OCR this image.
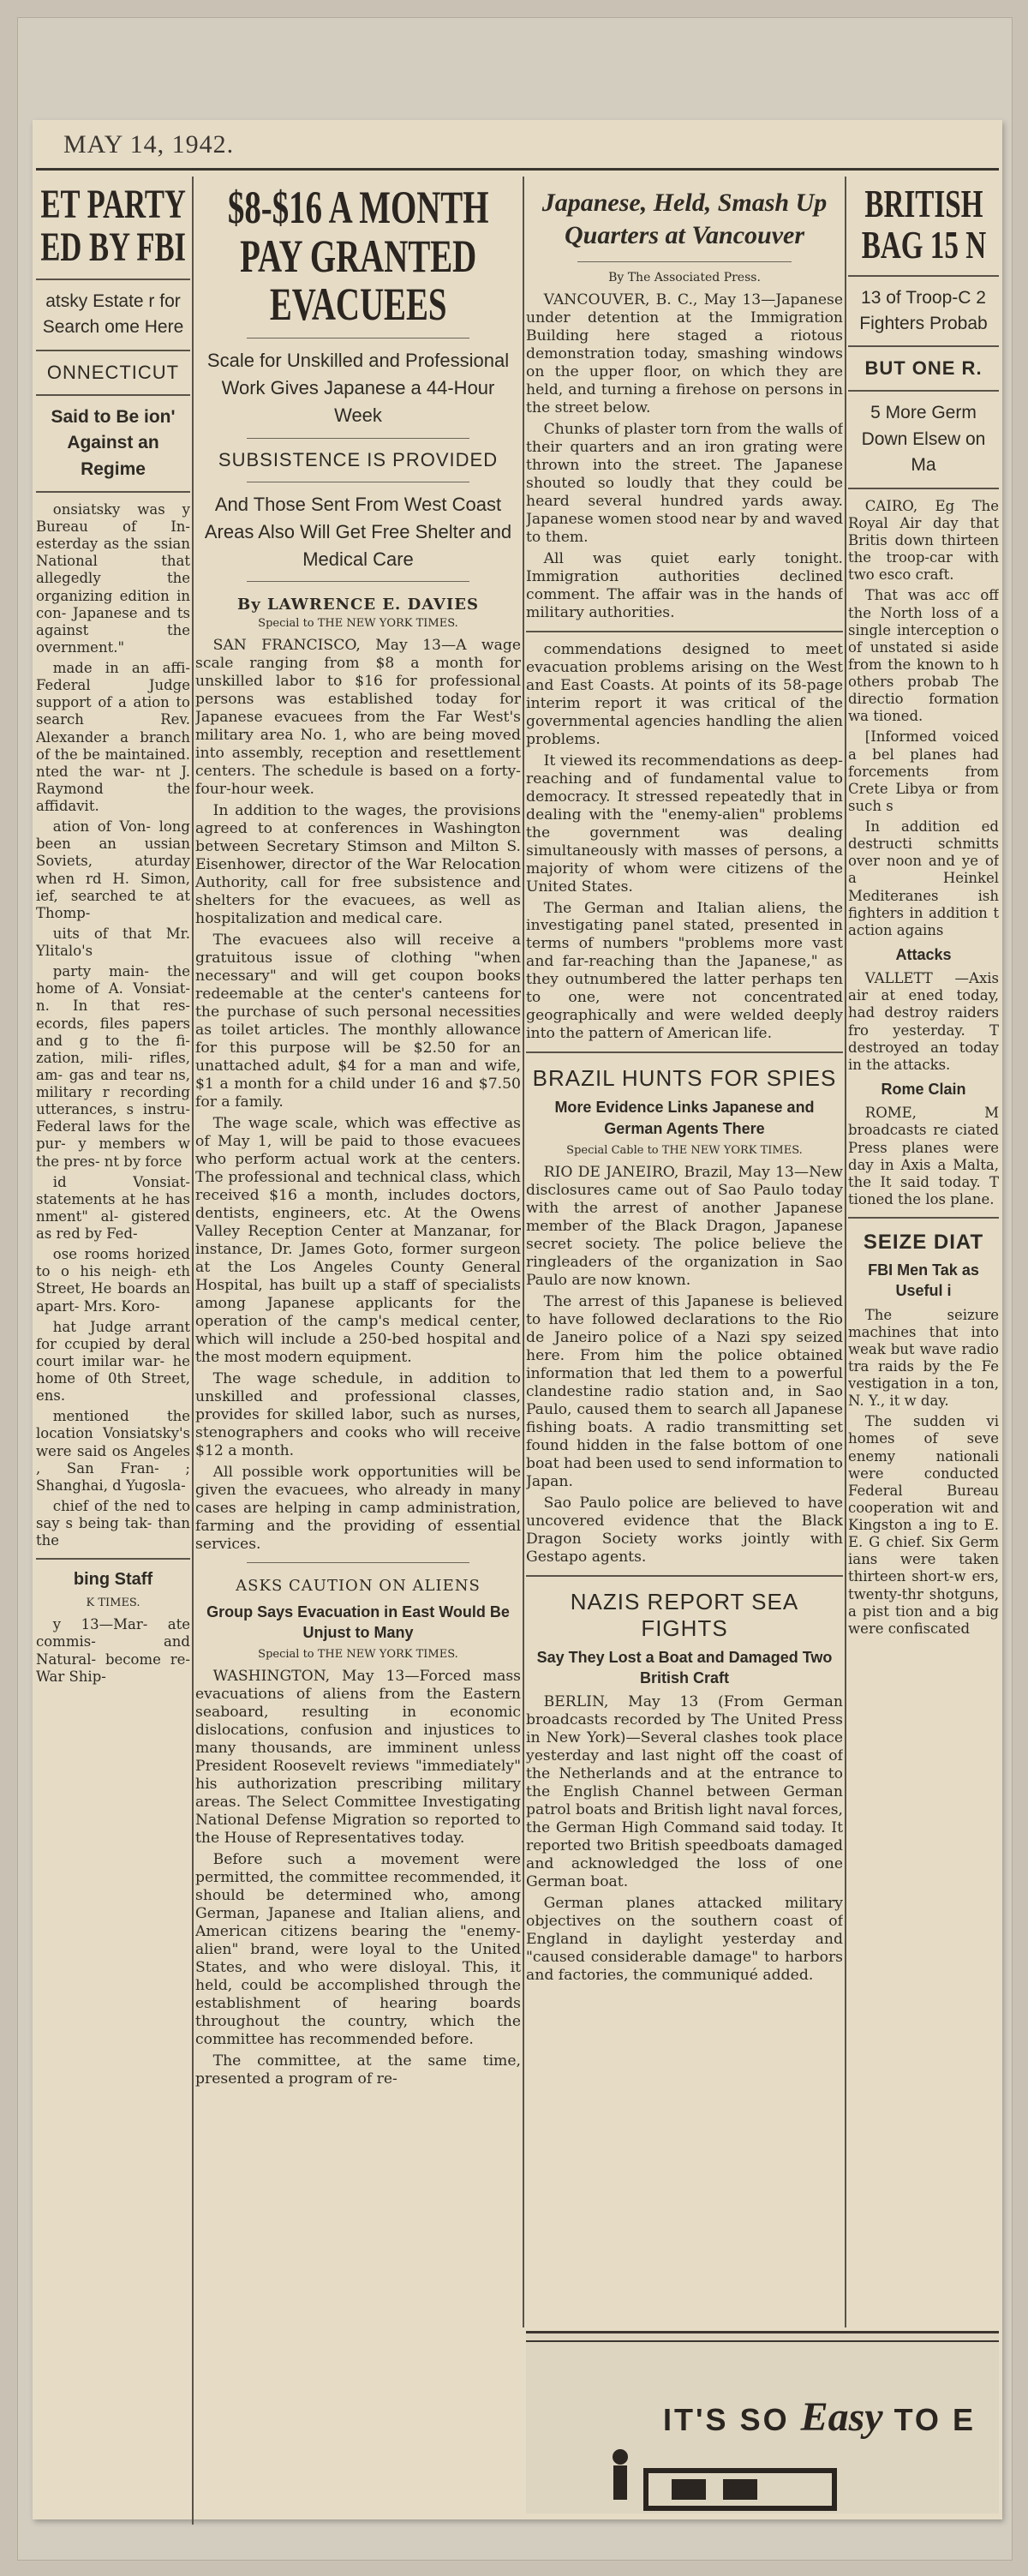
MAY 14, 1942.
ET PARTY ED BY FBI
atsky Estate r for Search ome Here
ONNECTICUT
Said to Be ion' Against an Regime

onsiatsky was y Bureau of In- esterday as the ssian National that allegedly the organizing edition in con- Japanese and ts against the overnment."

made in an affi- Federal Judge support of a ation to search Rev. Alexander a branch of the be maintained. nted the war- nt J. Raymond the affidavit.

ation of Von- long been an ussian Soviets, aturday when rd H. Simon, ief, searched te at Thomp-

uits of that Mr. Ylitalo's

party main- the home of A. Vonsiat- n. In that res- ecords, files papers and g to the fi- zation, mili- rifles, am- gas and tear ns, military r recording utterances, s instru- Federal laws for the pur- y members w the pres- nt by force

id Vonsiat- statements at he has nment" al- gistered as red by Fed-

ose rooms horized to o his neigh- eth Street, He boards an apart- Mrs. Koro-

hat Judge arrant for ccupied by deral court imilar war- he home of 0th Street, ens.

mentioned the location Vonsiatsky's were said os Angeles , San Fran- ; Shanghai, d Yugosla-

chief of the ned to say s being tak- than the

bing Staff
K TIMES.

y 13—Mar- ate commis- and Natural- become re- War Ship-

$8-$16 A MONTH PAY GRANTED EVACUEES
Scale for Unskilled and Professional Work Gives Japanese a 44-Hour Week
SUBSISTENCE IS PROVIDED
And Those Sent From West Coast Areas Also Will Get Free Shelter and Medical Care
By LAWRENCE E. DAVIES
Special to THE NEW YORK TIMES.

SAN FRANCISCO, May 13—A wage scale ranging from $8 a month for unskilled labor to $16 for professional persons was established today for Japanese evacuees from the Far West's military area No. 1, who are being moved into assembly, reception and resettlement centers. The schedule is based on a forty-four-hour week.

In addition to the wages, the provisions agreed to at conferences in Washington between Secretary Stimson and Milton S. Eisenhower, director of the War Relocation Authority, call for free subsistence and shelters for the evacuees, as well as hospitalization and medical care.

The evacuees also will receive a gratuitous issue of clothing "when necessary" and will get coupon books redeemable at the center's canteens for the purchase of such personal necessities as toilet articles. The monthly allowance for this purpose will be $2.50 for an unattached adult, $4 for a man and wife, $1 a month for a child under 16 and $7.50 for a family.

The wage scale, which was effective as of May 1, will be paid to those evacuees who perform actual work at the centers. The professional and technical class, which received $16 a month, includes doctors, dentists, engineers, etc. At the Owens Valley Reception Center at Manzanar, for instance, Dr. James Goto, former surgeon at the Los Angeles County General Hospital, has built up a staff of specialists among Japanese applicants for the operation of the camp's medical center, which will include a 250-bed hospital and the most modern equipment.

The wage schedule, in addition to unskilled and professional classes, provides for skilled labor, such as nurses, stenographers and cooks who will receive $12 a month.

All possible work opportunities will be given the evacuees, who already in many cases are helping in camp administration, farming and the providing of essential services.

ASKS CAUTION ON ALIENS
Group Says Evacuation in East Would Be Unjust to Many
Special to THE NEW YORK TIMES.

WASHINGTON, May 13—Forced mass evacuations of aliens from the Eastern seaboard, resulting in economic dislocations, confusion and injustices to many thousands, are imminent unless President Roosevelt reviews "immediately" his authorization prescribing military areas. The Select Committee Investigating National Defense Migration so reported to the House of Representatives today.

Before such a movement were permitted, the committee recommended, it should be determined who, among German, Japanese and Italian aliens, and American citizens bearing the "enemy-alien" brand, were loyal to the United States, and who were disloyal. This, it held, could be accomplished through the establishment of hearing boards throughout the country, which the committee has recommended before.

The committee, at the same time, presented a program of re-

Japanese, Held, Smash Up Quarters at Vancouver
By The Associated Press.

VANCOUVER, B. C., May 13—Japanese under detention at the Immigration Building here staged a riotous demonstration today, smashing windows on the upper floor, on which they are held, and turning a firehose on persons in the street below.

Chunks of plaster torn from the walls of their quarters and an iron grating were thrown into the street. The Japanese shouted so loudly that they could be heard several hundred yards away. Japanese women stood near by and waved to them.

All was quiet early tonight. Immigration authorities declined comment. The affair was in the hands of military authorities.

commendations designed to meet evacuation problems arising on the West and East Coasts. At points of its 58-page interim report it was critical of the governmental agencies handling the alien problems.

It viewed its recommendations as deep-reaching and of fundamental value to democracy. It stressed repeatedly that in dealing with the "enemy-alien" problems the government was dealing simultaneously with masses of persons, a majority of whom were citizens of the United States.

The German and Italian aliens, the investigating panel stated, presented in terms of numbers "problems more vast and far-reaching than the Japanese," as they outnumbered the latter perhaps ten to one, were not concentrated geographically and were welded deeply into the pattern of American life.

BRAZIL HUNTS FOR SPIES
More Evidence Links Japanese and German Agents There
Special Cable to THE NEW YORK TIMES.

RIO DE JANEIRO, Brazil, May 13—New disclosures came out of Sao Paulo today with the arrest of another Japanese member of the Black Dragon, Japanese secret society. The police believe the ringleaders of the organization in Sao Paulo are now known.

The arrest of this Japanese is believed to have followed declarations to the Rio de Janeiro police of a Nazi spy seized here. From him the police obtained information that led them to a powerful clandestine radio station and, in Sao Paulo, caused them to search all Japanese fishing boats. A radio transmitting set found hidden in the false bottom of one boat had been used to send information to Japan.

Sao Paulo police are believed to have uncovered evidence that the Black Dragon Society works jointly with Gestapo agents.

NAZIS REPORT SEA FIGHTS
Say They Lost a Boat and Damaged Two British Craft

BERLIN, May 13 (From German broadcasts recorded by The United Press in New York)—Several clashes took place yesterday and last night off the coast of the Netherlands and at the entrance to the English Channel between German patrol boats and British light naval forces, the German High Command said today. It reported two British speedboats damaged and acknowledged the loss of one German boat.

German planes attacked military objectives on the southern coast of England in daylight yesterday and "caused considerable damage" to harbors and factories, the communiqué added.

BRITISH BAG 15 N
13 of Troop-C 2 Fighters Probab
BUT ONE R.
5 More Germ Down Elsew on Ma

CAIRO, Eg The Royal Air day that Britis down thirteen the troop-car with two esco craft.

That was acc off the North loss of a single interception o of unstated si aside from the known to h others probab The directio formation wa tioned.

[Informed voiced a bel planes had forcements from Crete Libya or from such s

In addition ed destructi schmitts over noon and ye of a Heinkel Mediteranes ish fighters in addition t action agains

Attacks

VALLETT —Axis air at ened today, had destroy raiders fro yesterday. T destroyed an today in the attacks.

Rome Clain

ROME, M broadcasts re ciated Press planes were day in Axis a Malta, the It said today. T tioned the los plane.

SEIZE DIAT
FBI Men Tak as Useful i

The seizure machines that into weak but wave radio tra raids by the Fe vestigation in a ton, N. Y., it w day.

The sudden vi homes of seve enemy nationali were conducted Federal Bureau cooperation wit and Kingston a ing to E. E. G chief. Six Germ ians were taken thirteen short-w ers, twenty-thr shotguns, a pist tion and a big were confiscated

IT'S SO Easy TO E
